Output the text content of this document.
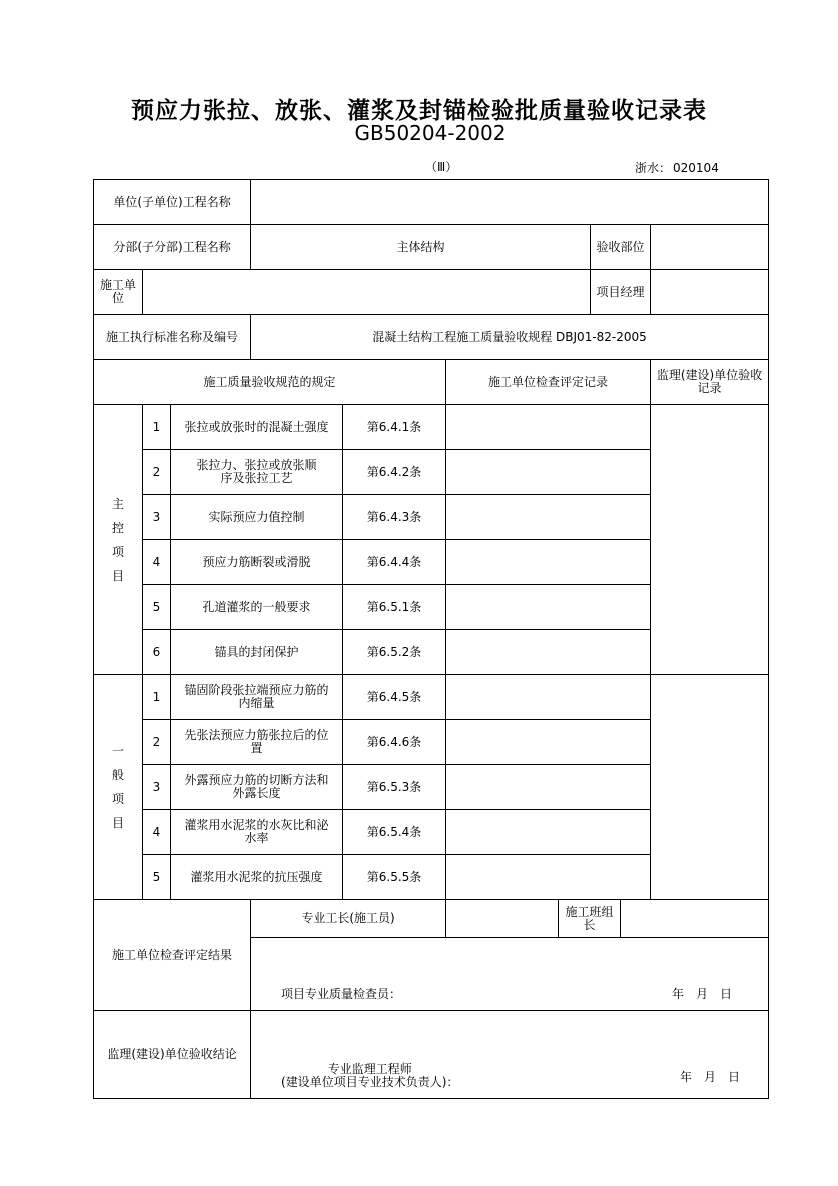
预应力张拉、放张、灌浆及封锚检验批质量验收记录表
GB50204-2002
（Ⅲ）	浙水： 020104
单位(子单位)工程名称									
分部(子分部)工程名称			主体结构				验收部位		
施工单位							项目经理		
施工执行标准名称及编号			混凝土结构工程施工质量验收规程 DBJ01-82-2005						
施工质量验收规范的规定					施工单位检查评定记录				监理(建设)单位验收记录

主
控
项
目	1	张拉或放张时的混凝土强度		第6.4.1条					
	2	张拉力、张拉或放张顺序及张拉工艺		第6.4.2条					
	3	实际预应力值控制		第6.4.3条					
	4	预应力筋断裂或滑脱		第6.4.4条					
	5	孔道灌浆的一般要求		第6.5.1条					
	6	锚具的封闭保护		第6.5.2条					

一
般
项
目	1	锚固阶段张拉端预应力筋的内缩量		第6.4.5条					
	2	先张法预应力筋张拉后的位置		第6.4.6条					
	3	外露预应力筋的切断方法和外露长度		第6.5.3条					
	4	灌浆用水泥浆的水灰比和泌水率		第6.5.4条					
	5	灌浆用水泥浆的抗压强度		第6.5.5条					
施工单位检查评定结果			专业工长(施工员)			施工班组长			

			项目专业质量检查员： 年 月 日						

监理(建设)单位验收结论			专业监理工程师
(建设单位项目专业技术负责人)： 年 月 日						
